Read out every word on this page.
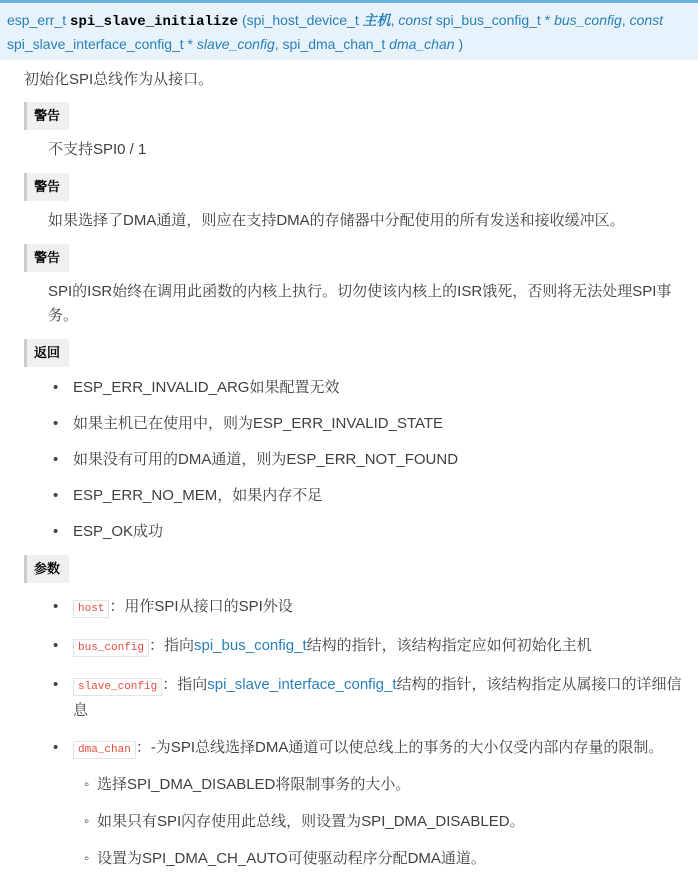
esp_err_t spi_slave_initialize (spi_host_device_t 主机, const spi_bus_config_t * bus_config, const
spi_slave_interface_config_t * slave_config, spi_dma_chan_t dma_chan )

初始化SPI总线作为从接口。

警告
不支持SPI0 / 1
警告
如果选择了DMA通道，则应在支持DMA的存储器中分配使用的所有发送和接收缓冲区。
警告
SPI的ISR始终在调用此函数的内核上执行。切勿使该内核上的ISR饿死，否则将无法处理SPI事务。
返回
• ESP_ERR_INVALID_ARG如果配置无效
• 如果主机已在使用中，则为ESP_ERR_INVALID_STATE
• 如果没有可用的DMA通道，则为ESP_ERR_NOT_FOUND
• ESP_ERR_NO_MEM，如果内存不足
• ESP_OK成功
参数
• host ：用作SPI从接口的SPI外设
• bus_config ：指向spi_bus_config_t结构的指针，该结构指定应如何初始化主机
• slave_config ：指向spi_slave_interface_config_t结构的指针，该结构指定从属接口的详细信息
• dma_chan ：-为SPI总线选择DMA通道可以使总线上的事务的大小仅受内部内存量的限制。
◦ 选择SPI_DMA_DISABLED将限制事务的大小。
◦ 如果只有SPI闪存使用此总线，则设置为SPI_DMA_DISABLED。
◦ 设置为SPI_DMA_CH_AUTO可使驱动程序分配DMA通道。
